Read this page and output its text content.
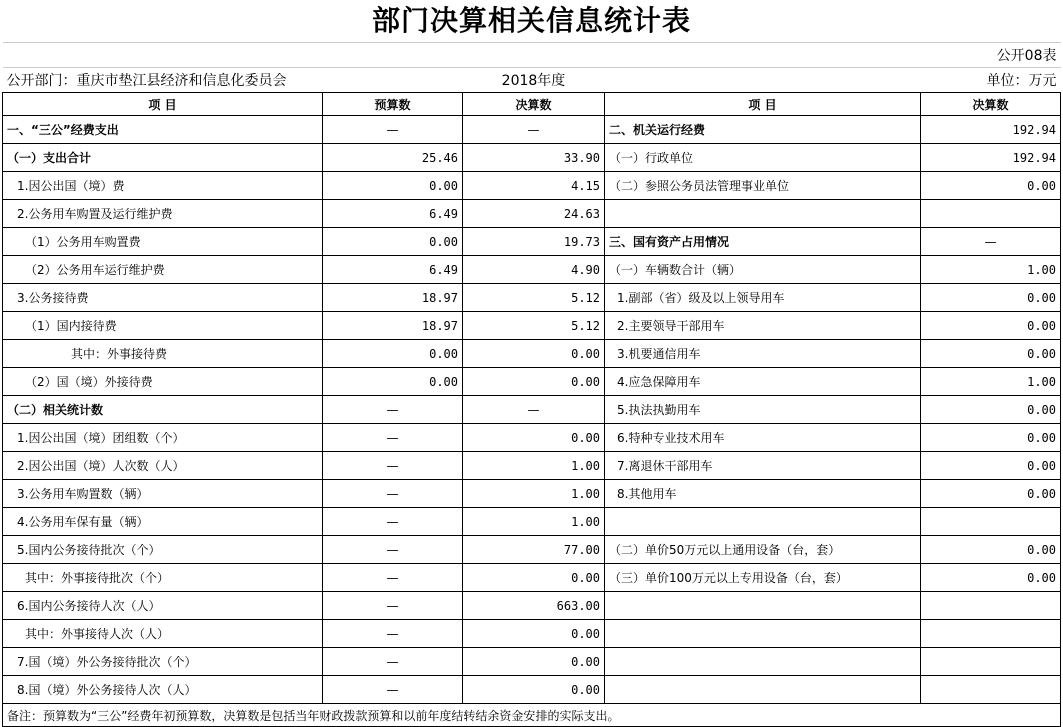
部门决算相关信息统计表
				公开08表
公开部门：重庆市垫江县经济和信息化委员会		2018年度		单位：万元
项 目	预算数	决算数	项 目	决算数
一、“三公”经费支出	—	—	二、机关运行经费	192.94
（一）支出合计	25.46	33.90	（一）行政单位	192.94
1.因公出国（境）费	0.00	4.15	（二）参照公务员法管理事业单位	0.00
2.公务用车购置及运行维护费	6.49	24.63		
（1）公务用车购置费	0.00	19.73	三、国有资产占用情况	—
（2）公务用车运行维护费	6.49	4.90	（一）车辆数合计（辆）	1.00
3.公务接待费	18.97	5.12	1.副部（省）级及以上领导用车	0.00
（1）国内接待费	18.97	5.12	2.主要领导干部用车	0.00
其中：外事接待费	0.00	0.00	3.机要通信用车	0.00
（2）国（境）外接待费	0.00	0.00	4.应急保障用车	1.00
（二）相关统计数	—	—	5.执法执勤用车	0.00
1.因公出国（境）团组数（个）	—	0.00	6.特种专业技术用车	0.00
2.因公出国（境）人次数（人）	—	1.00	7.离退休干部用车	0.00
3.公务用车购置数（辆）	—	1.00	8.其他用车	0.00
4.公务用车保有量（辆）	—	1.00		
5.国内公务接待批次（个）	—	77.00	（二）单价50万元以上通用设备（台，套）	0.00
其中：外事接待批次（个）	—	0.00	（三）单价100万元以上专用设备（台，套）	0.00
6.国内公务接待人次（人）	—	663.00		
其中：外事接待人次（人）	—	0.00		
7.国（境）外公务接待批次（个）	—	0.00		
8.国（境）外公务接待人次（人）	—	0.00		
备注：预算数为“三公”经费年初预算数，决算数是包括当年财政拨款预算和以前年度结转结余资金安排的实际支出。				
